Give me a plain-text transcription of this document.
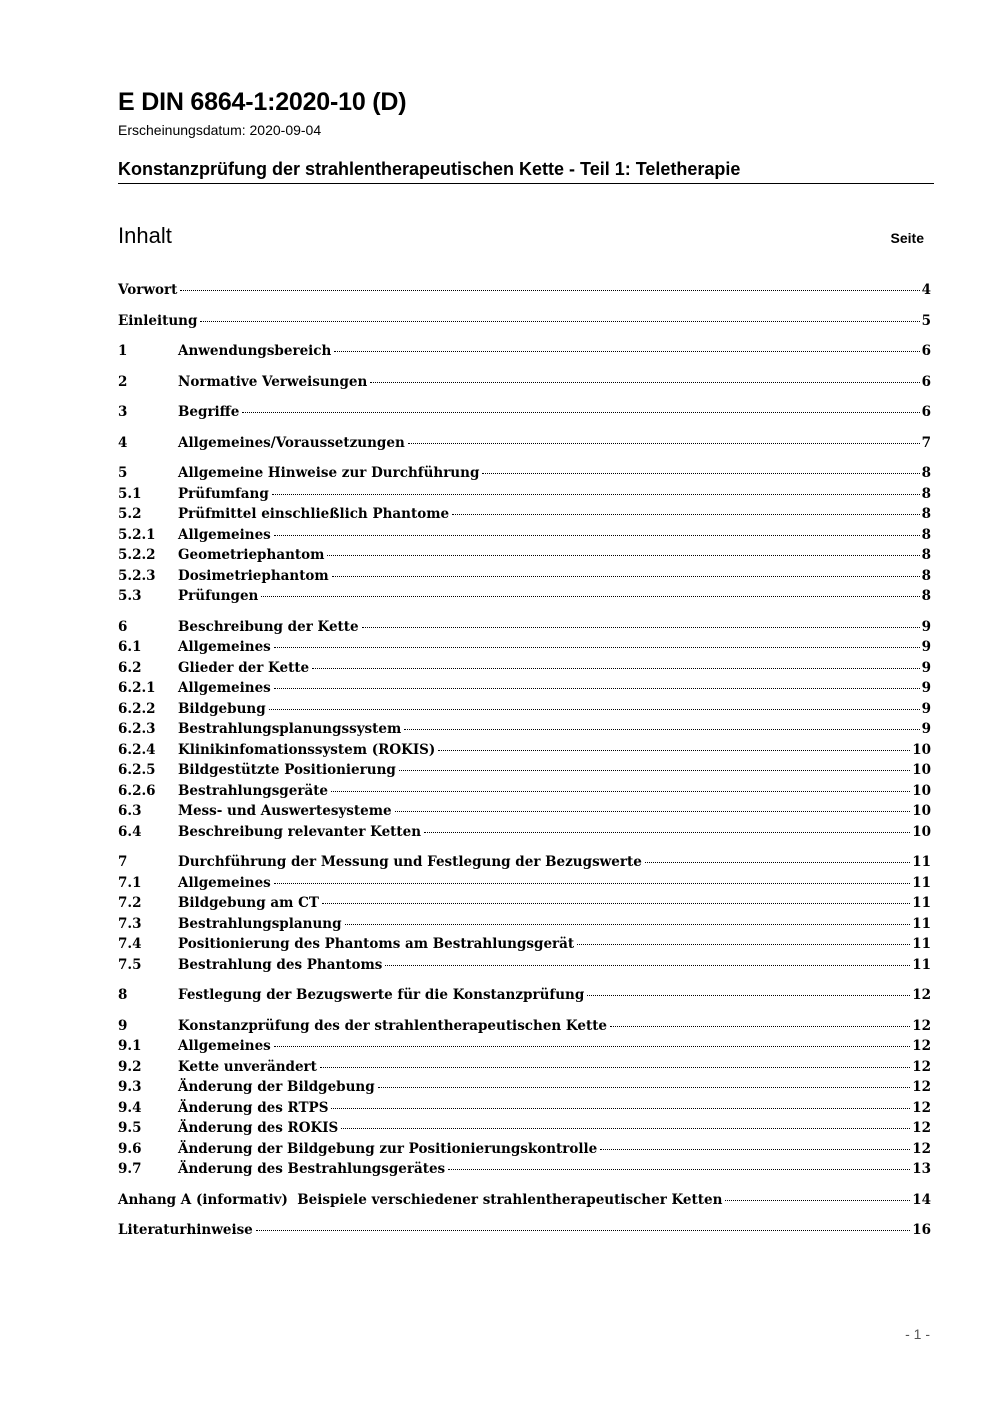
E DIN 6864-1:2020-10 (D)
Erscheinungsdatum: 2020-09-04
Konstanzprüfung der strahlentherapeutischen Kette - Teil 1: Teletherapie
Inhalt	Seite
Vorwort	4
Einleitung	5
1	Anwendungsbereich	6
2	Normative Verweisungen	6
3	Begriffe	6
4	Allgemeines/Voraussetzungen	7
5	Allgemeine Hinweise zur Durchführung	8
5.1	Prüfumfang	8
5.2	Prüfmittel einschließlich Phantome	8
5.2.1	Allgemeines	8
5.2.2	Geometriephantom	8
5.2.3	Dosimetriephantom	8
5.3	Prüfungen	8
6	Beschreibung der Kette	9
6.1	Allgemeines	9
6.2	Glieder der Kette	9
6.2.1	Allgemeines	9
6.2.2	Bildgebung	9
6.2.3	Bestrahlungsplanungssystem	9
6.2.4	Klinikinfomationssystem (ROKIS)	10
6.2.5	Bildgestützte Positionierung	10
6.2.6	Bestrahlungsgeräte	10
6.3	Mess- und Auswertesysteme	10
6.4	Beschreibung relevanter Ketten	10
7	Durchführung der Messung und Festlegung der Bezugswerte	11
7.1	Allgemeines	11
7.2	Bildgebung am CT	11
7.3	Bestrahlungsplanung	11
7.4	Positionierung des Phantoms am Bestrahlungsgerät	11
7.5	Bestrahlung des Phantoms	11
8	Festlegung der Bezugswerte für die Konstanzprüfung	12
9	Konstanzprüfung des der strahlentherapeutischen Kette	12
9.1	Allgemeines	12
9.2	Kette unverändert	12
9.3	Änderung der Bildgebung	12
9.4	Änderung des RTPS	12
9.5	Änderung des ROKIS	12
9.6	Änderung der Bildgebung zur Positionierungskontrolle	12
9.7	Änderung des Bestrahlungsgerätes	13
Anhang A (informativ)  Beispiele verschiedener strahlentherapeutischer Ketten	14
Literaturhinweise	16
- 1 -
